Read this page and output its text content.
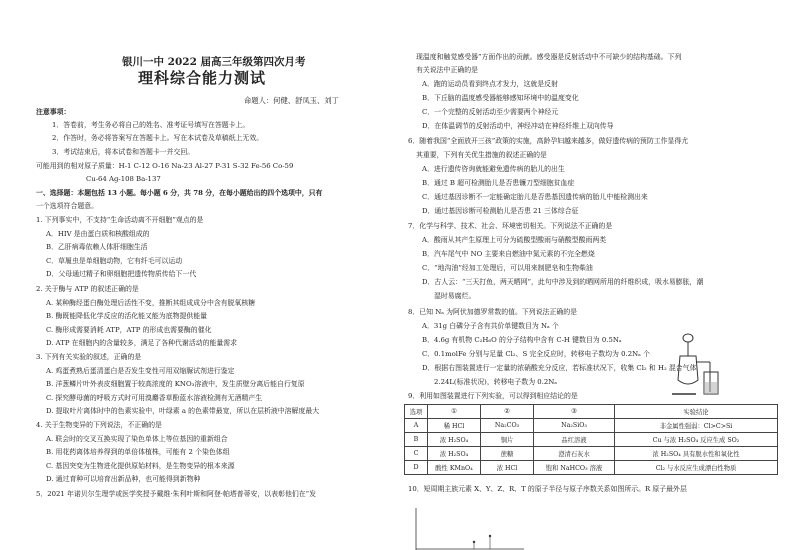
银川一中 2022 届高三年级第四次月考
理科综合能力测试
命题人：何健、舒凤玉、刘丁
注意事项：
1．答卷前，考生务必将自己的姓名、准考证号填写在答题卡上。
2．作答时，务必将答案写在答题卡上。写在本试卷及草稿纸上无效。
3．考试结束后，将本试卷和答题卡一并交回。
可能用到的相对原子质量：H-1 C-12 O-16 Na-23 Al-27 P-31 S-32 Fe-56 Co-59
Cu-64 Ag-108 Ba-137
一、选择题：本题包括 13 小题。每小题 6 分，共 78 分，在每小题给出的四个选项中，只有
一个选项符合题意。
1. 下列事实中，不支持“生命活动离不开细胞”观点的是
A．HIV 是由蛋白质和核酸组成的
B．乙肝病毒依赖人体肝细胞生活
C．草履虫是单细胞动物，它有纤毛可以运动
D．父母通过精子和卵细胞把遗传物质传给下一代
2. 关于酶与 ATP 的叙述正确的是
A. 某种酶经蛋白酶处理后活性不变，推断其组成成分中含有脱氧核糖
B. 酶既能降低化学反应的活化能又能为底物提供能量
C. 酶形成需要消耗 ATP，ATP 的形成也需要酶的催化
D. ATP 在细胞内的含量较多，满足了各种代谢活动的能量需求
3. 下列有关实验的叙述，正确的是
A. 鸡蛋煮熟后蛋清蛋白是否发生变性可用双缩脲试剂进行鉴定
B. 洋葱鳞片叶外表皮细胞置于较高浓度的 KNO₃溶液中，发生质壁分离后能自行复原
C. 探究酵母菌的呼吸方式时可用溴麝香草酚蓝水溶液检测有无酒精产生
D. 提取叶片离体时中的色素实验中，叶绿素 a 的色素带最宽，所以在层析液中溶解度最大
4. 关于生物变异的下列说法，不正确的是
A. 联会时的交叉互换实现了染色单体上等位基因的重新组合
B. 用花药离体培养得到的单倍体植株，可能有 2 个染色体组
C. 基因突变为生物进化提供原始材料，是生物变异的根本来源
D. 通过育种可以培育出新品种，也可能得到新物种
5．2021 年诺贝尔生理学或医学奖授予戴维·朱利叶斯和阿登·帕塔普蒂安，以表彰他们在“发
现温度和触觉感受器”方面作出的贡献。感受器是反射活动中不可缺少的结构基础。下列
有关说法中正确的是
A．跑的运动员看到终点才发力，这就是反射
B．下丘脑的温度感受器能够感知环境中的温度变化
C．一个完整的反射活动至少需要两个神经元
D．在体温调节的反射活动中，神经冲动在神经纤维上双向传导
6．随着我国“全面放开三孩”政策的实施，高龄孕妇越来越多，做好遗传病的预防工作显得尤
其重要，下列有关优生措施的叙述正确的是
A．进行遗传咨询就能避免遗传病的胎儿的出生
B．通过 B 超可检测胎儿是否患镰刀型细胞贫血症
C．通过基因诊断不一定能确定胎儿是否患基因遗传病的胎儿中能检测出来
D．通过基因诊断可检测胎儿是否患 21 三体综合征
7．化学与科学、技术、社会、环境密切相关。下列说法不正确的是
A．酸雨从其产生原理上可分为硫酸型酸雨与硝酸型酸雨两类
B．汽车尾气中 NO 主要来自燃油中氮元素的不完全燃烧
C．“地沟油”经加工处理后，可以用来制肥皂和生物柴油
D．古人云：“三天打鱼，两天晒网”，此句中涉及到的晒网所用的纤维织成，吸水易膨胀，潮
湿时易腐烂。
8．已知 Nₐ 为阿伏加德罗常数的值。下列说法正确的是
A．31g 白磷分子含有共价单键数目为 Nₐ 个
B．4.6g 有机物 C₂H₆O 的分子结构中含有 C-H 键数目为 0.5Nₐ
C．0.1molFe 分别与足量 Cl₂、S 完全反应时，转移电子数均为 0.2Nₐ 个
D．根据右图装置进行一定量的浓硝酸充分反应，若标准状况下，收集 Cl₂ 和 H₂ 混合气体
2.24L(标准状况)，转移电子数为 0.2Nₐ
9．利用如图装置进行下列实验，可以得到相应结论的是
选项	①	②	③	实验结论
A	稀 HCl	Na₂CO₃	Na₂SiO₃	非金属性强弱：Cl>C>Si
B	浓 H₂SO₄	铜片	品红溶液	Cu 与浓 H₂SO₄ 反应生成 SO₂
C	浓 H₂SO₄	蔗糖	澄清石灰水	浓 H₂SO₄ 具有脱水性和氧化性
D	酸性 KMnO₄	浓 HCl	饱和 NaHCO₃ 溶液	Cl₂ 与水反应生成漂白性物质
10．短周期主族元素 X、Y、Z、R、T 的原子半径与原子序数关系如图所示。R 原子最外层
